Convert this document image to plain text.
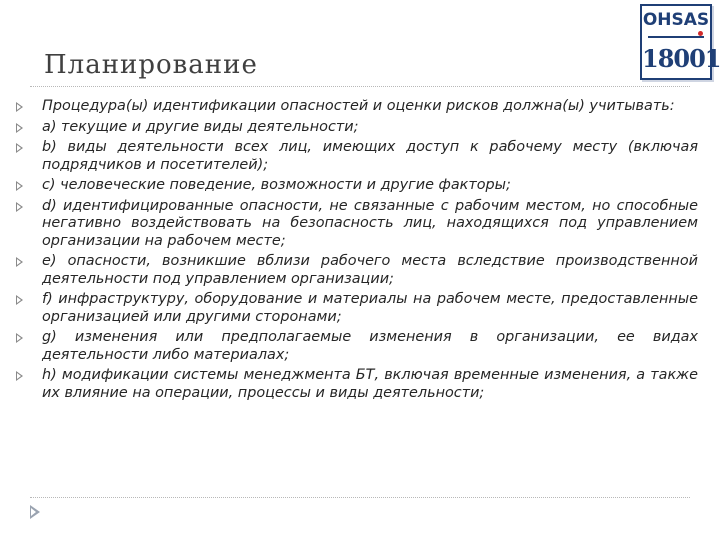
Планирование
OHSAS
18001
Процедура(ы) идентификации опасностей и оценки рисков должна(ы) учитывать:
a) текущие и другие виды деятельности;
b) виды деятельности всех лиц, имеющих доступ к рабочему месту (включая подрядчиков и посетителей);
c) человеческие поведение, возможности и другие факторы;
d) идентифицированные опасности, не связанные с рабочим местом, но способные негативно воздействовать на безопасность лиц, находящихся под управлением организации на рабочем месте;
e) опасности, возникшие вблизи рабочего места вследствие производственной деятельности под управлением организации;
f) инфраструктуру, оборудование и материалы на рабочем месте, предоставленные организацией или другими сторонами;
g) изменения или предполагаемые изменения в организации, ее видах деятельности либо материалах;
h) модификации системы менеджмента БТ, включая временные изменения, а также их влияние на операции, процессы и виды деятельности;
